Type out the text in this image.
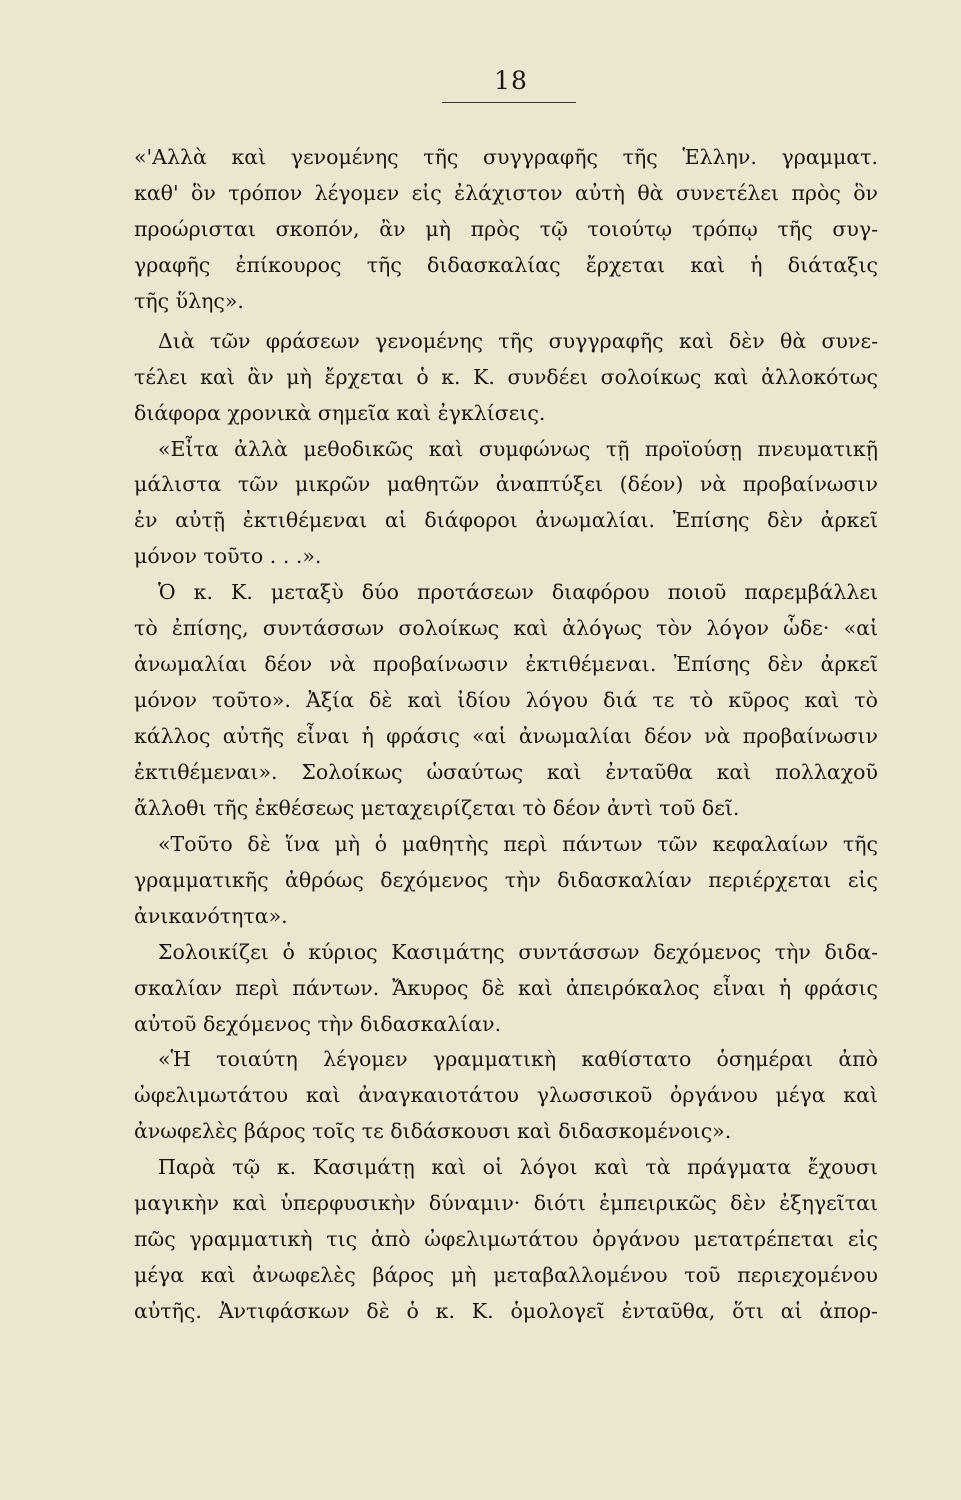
18
«'Αλλὰ καὶ γενομένης τῆς συγγραφῆς τῆς Ἑλλην. γραμματ.
καθ' ὃν τρόπον λέγομεν εἰς ἐλάχιστον αὐτὴ θὰ συνετέλει πρὸς ὃν
προώρισται σκοπόν, ἂν μὴ πρὸς τῷ τοιούτῳ τρόπῳ τῆς συγ-
γραφῆς ἐπίκουρος τῆς διδασκαλίας ἔρχεται καὶ ἡ διάταξις
τῆς ὕλης».
Διὰ τῶν φράσεων γενομένης τῆς συγγραφῆς καὶ δὲν θὰ συνε-
τέλει καὶ ἂν μὴ ἔρχεται ὁ κ. Κ. συνδέει σολοίκως καὶ ἀλλοκότως
διάφορα χρονικὰ σημεῖα καὶ ἐγκλίσεις.
«Εἶτα ἀλλὰ μεθοδικῶς καὶ συμφώνως τῇ προϊούσῃ πνευματικῇ
μάλιστα τῶν μικρῶν μαθητῶν ἀναπτύξει (δέον) νὰ προβαίνωσιν
ἐν αὐτῇ ἐκτιθέμεναι αἱ διάφοροι ἀνωμαλίαι. Ἐπίσης δὲν ἀρκεῖ
μόνον τοῦτο . . .».
Ὁ κ. Κ. μεταξὺ δύο προτάσεων διαφόρου ποιοῦ παρεμβάλλει
τὸ ἐπίσης, συντάσσων σολοίκως καὶ ἀλόγως τὸν λόγον ὧδε· «αἱ
ἀνωμαλίαι δέον νὰ προβαίνωσιν ἐκτιθέμεναι. Ἐπίσης δὲν ἀρκεῖ
μόνον τοῦτο». Ἀξία δὲ καὶ ἰδίου λόγου διά τε τὸ κῦρος καὶ τὸ
κάλλος αὐτῆς εἶναι ἡ φράσις «αἱ ἀνωμαλίαι δέον νὰ προβαίνωσιν
ἐκτιθέμεναι». Σολοίκως ὡσαύτως καὶ ἐνταῦθα καὶ πολλαχοῦ
ἄλλοθι τῆς ἐκθέσεως μεταχειρίζεται τὸ δέον ἀντὶ τοῦ δεῖ.
«Τοῦτο δὲ ἵνα μὴ ὁ μαθητὴς περὶ πάντων τῶν κεφαλαίων τῆς
γραμματικῆς ἀθρόως δεχόμενος τὴν διδασκαλίαν περιέρχεται εἰς
ἀνικανότητα».
Σολοικίζει ὁ κύριος Κασιμάτης συντάσσων δεχόμενος τὴν διδα-
σκαλίαν περὶ πάντων. Ἄκυρος δὲ καὶ ἀπειρόκαλος εἶναι ἡ φράσις
αὐτοῦ δεχόμενος τὴν διδασκαλίαν.
«Ἡ τοιαύτη λέγομεν γραμματικὴ καθίστατο ὁσημέραι ἀπὸ
ὠφελιμωτάτου καὶ ἀναγκαιοτάτου γλωσσικοῦ ὀργάνου μέγα καὶ
ἀνωφελὲς βάρος τοῖς τε διδάσκουσι καὶ διδασκομένοις».
Παρὰ τῷ κ. Κασιμάτῃ καὶ οἱ λόγοι καὶ τὰ πράγματα ἔχουσι
μαγικὴν καὶ ὑπερφυσικὴν δύναμιν· διότι ἐμπειρικῶς δὲν ἐξηγεῖται
πῶς γραμματικὴ τις ἀπὸ ὠφελιμωτάτου ὀργάνου μετατρέπεται εἰς
μέγα καὶ ἀνωφελὲς βάρος μὴ μεταβαλλομένου τοῦ περιεχομένου
αὐτῆς. Ἀντιφάσκων δὲ ὁ κ. Κ. ὁμολογεῖ ἐνταῦθα, ὅτι αἱ ἀπορ-
